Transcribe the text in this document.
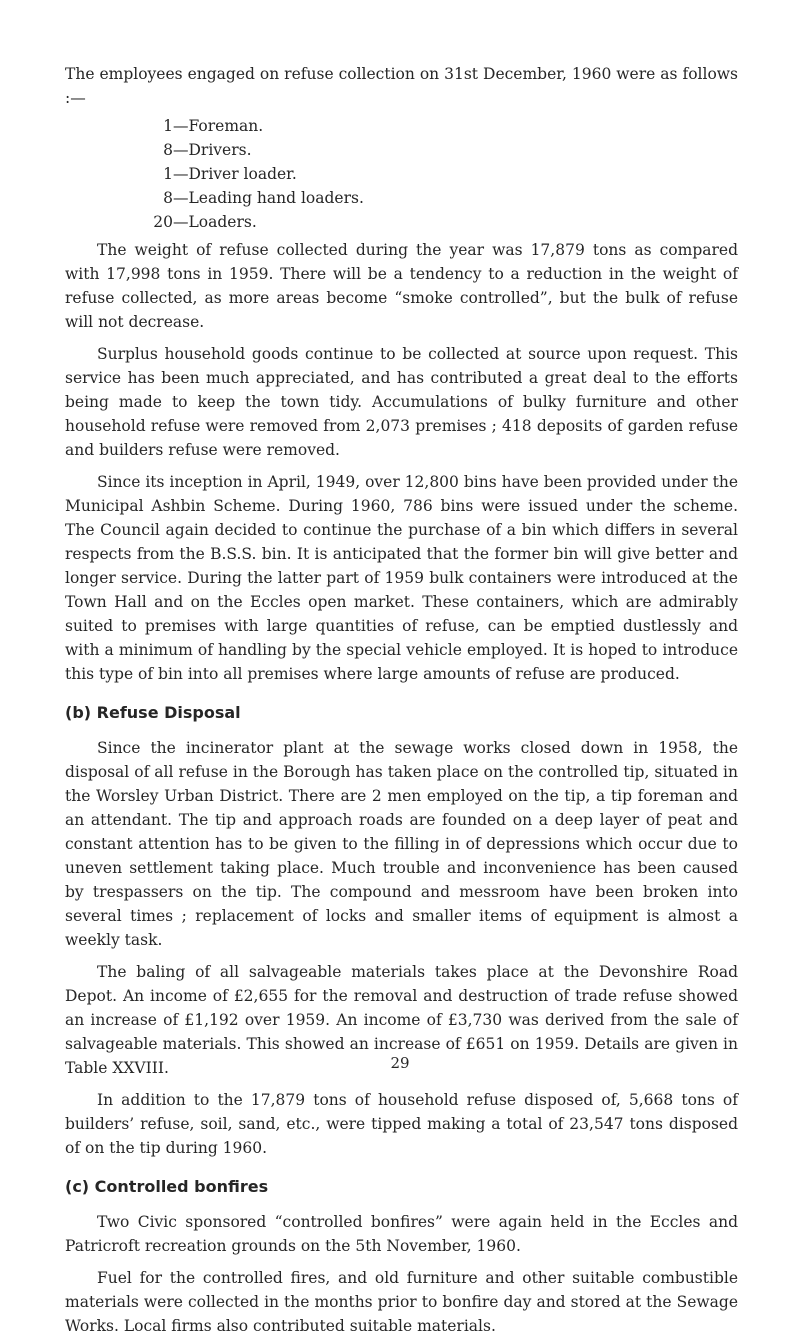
The employees engaged on refuse collection on 31st December, 1960 were as follows :—

1 —Foreman.
8 —Drivers.
1 —Driver loader.
8 —Leading hand loaders.
20 —Loaders.

The weight of refuse collected during the year was 17,879 tons as compared with 17,998 tons in 1959. There will be a tendency to a reduction in the weight of refuse collected, as more areas become “smoke controlled”, but the bulk of refuse will not decrease.

Surplus household goods continue to be collected at source upon request. This service has been much appreciated, and has contributed a great deal to the efforts being made to keep the town tidy. Accumulations of bulky furniture and other household refuse were removed from 2,073 premises ; 418 deposits of garden refuse and builders refuse were removed.

Since its inception in April, 1949, over 12,800 bins have been provided under the Municipal Ashbin Scheme. During 1960, 786 bins were issued under the scheme. The Council again decided to continue the purchase of a bin which differs in several respects from the B.S.S. bin. It is anticipated that the former bin will give better and longer service. During the latter part of 1959 bulk containers were introduced at the Town Hall and on the Eccles open market. These containers, which are admirably suited to premises with large quantities of refuse, can be emptied dustlessly and with a minimum of handling by the special vehicle employed. It is hoped to introduce this type of bin into all premises where large amounts of refuse are produced.

(b) Refuse Disposal

Since the incinerator plant at the sewage works closed down in 1958, the disposal of all refuse in the Borough has taken place on the controlled tip, situated in the Worsley Urban District. There are 2 men employed on the tip, a tip foreman and an attendant. The tip and approach roads are founded on a deep layer of peat and constant attention has to be given to the filling in of depressions which occur due to uneven settlement taking place. Much trouble and inconvenience has been caused by trespassers on the tip. The compound and messroom have been broken into several times ; replacement of locks and smaller items of equipment is almost a weekly task.

The baling of all salvageable materials takes place at the Devonshire Road Depot. An income of £2,655 for the removal and destruction of trade refuse showed an increase of £1,192 over 1959. An income of £3,730 was derived from the sale of salvageable materials. This showed an increase of £651 on 1959. Details are given in Table XXVIII.

In addition to the 17,879 tons of household refuse disposed of, 5,668 tons of builders’ refuse, soil, sand, etc., were tipped making a total of 23,547 tons disposed of on the tip during 1960.

(c) Controlled bonfires

Two Civic sponsored “controlled bonfires” were again held in the Eccles and Patricroft recreation grounds on the 5th November, 1960.

Fuel for the controlled fires, and old furniture and other suitable combustible materials were collected in the months prior to bonfire day and stored at the Sewage Works. Local firms also contributed suitable materials.

29
